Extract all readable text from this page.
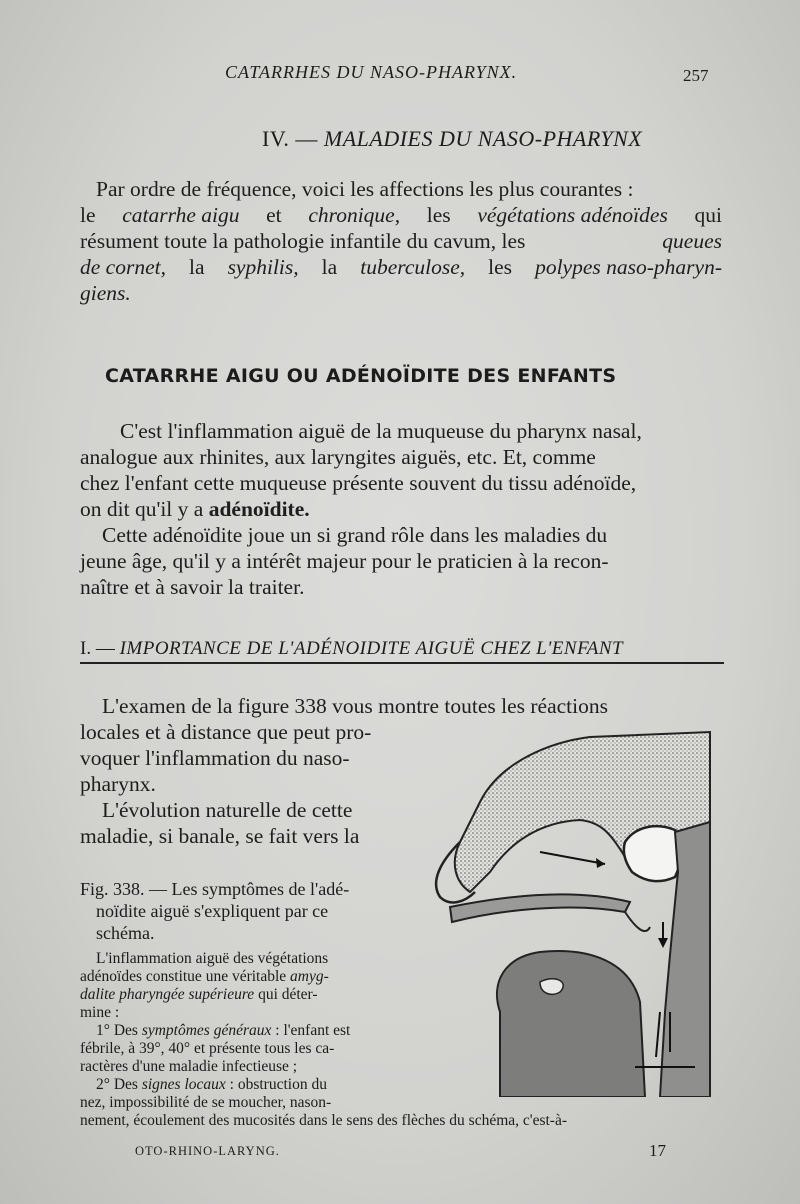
CATARRHES DU NASO-PHARYNX.	257
IV. — MALADIES DU NASO-PHARYNX
Par ordre de fréquence, voici les affections les plus courantes :
le catarrhe aigu et chronique, les végétations adénoïdes qui
résument toute la pathologie infantile du cavum, les	queues
de cornet, la syphilis, la tuberculose, les polypes naso-pharyn-
giens.
CATARRHE AIGU OU ADÉNOÏDITE DES ENFANTS
C'est l'inflammation aiguë de la muqueuse du pharynx nasal,
analogue aux rhinites, aux laryngites aiguës, etc. Et, comme
chez l'enfant cette muqueuse présente souvent du tissu adénoïde,
on dit qu'il y a adénoïdite.
Cette adénoïdite joue un si grand rôle dans les maladies du
jeune âge, qu'il y a intérêt majeur pour le praticien à la recon-
naître et à savoir la traiter.
I. — IMPORTANCE DE L'ADÉNOIDITE AIGUË CHEZ L'ENFANT
L'examen de la figure 338 vous montre toutes les réactions
locales et à distance que peut pro-
voquer l'inflammation du naso-
pharynx.
L'évolution naturelle de cette
maladie, si banale, se fait vers la
Fig. 338. — Les symptômes de l'adé-
noïdite aiguë s'expliquent par ce
schéma.
L'inflammation aiguë des végétations
adénoïdes constitue une véritable amyg-
dalite pharyngée supérieure qui déter-
mine :
1° Des symptômes généraux : l'enfant est
fébrile, à 39°, 40° et présente tous les ca-
ractères d'une maladie infectieuse ;
2° Des signes locaux : obstruction du
nez, impossibilité de se moucher, nason-
nement, écoulement des mucosités dans le sens des flèches du schéma, c'est-à-
OTO-RHINO-LARYNG.	17
